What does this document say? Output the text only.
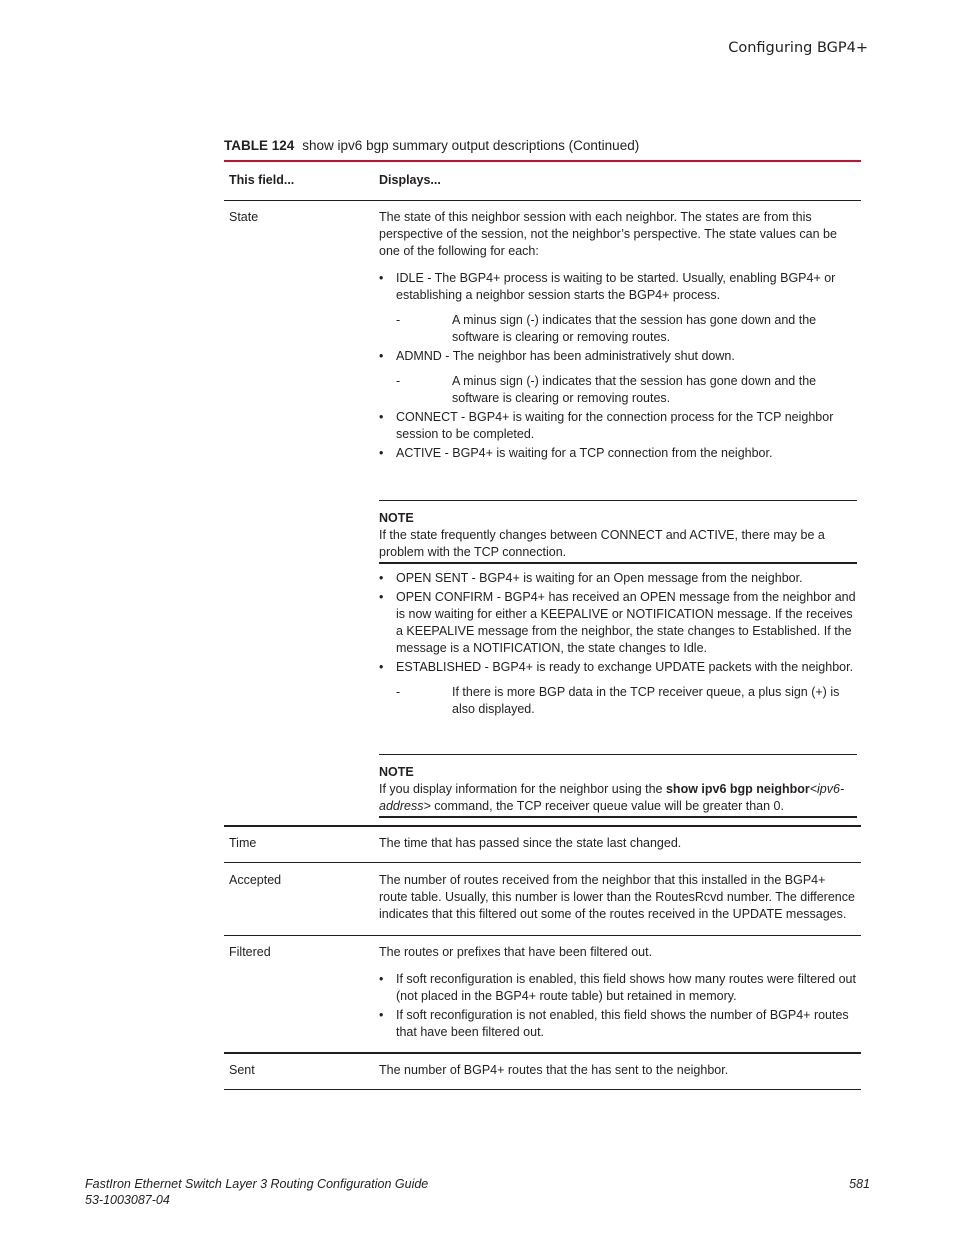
Configuring BGP4+
TABLE 124 show ipv6 bgp summary output descriptions (Continued)
This field...	Displays...
State	The state of this neighbor session with each neighbor. The states are from this perspective of the session, not the neighbor’s perspective. The state values can be one of the following for each:

• IDLE - The BGP4+ process is waiting to be started. Usually, enabling BGP4+ or establishing a neighbor session starts the BGP4+ process.
-	A minus sign (-) indicates that the session has gone down and the software is clearing or removing routes.
• ADMND - The neighbor has been administratively shut down.
-	A minus sign (-) indicates that the session has gone down and the software is clearing or removing routes.
• CONNECT - BGP4+ is waiting for the connection process for the TCP neighbor session to be completed.
• ACTIVE - BGP4+ is waiting for a TCP connection from the neighbor.
NOTE
If the state frequently changes between CONNECT and ACTIVE, there may be a problem with the TCP connection.
• OPEN SENT - BGP4+ is waiting for an Open message from the neighbor.
• OPEN CONFIRM - BGP4+ has received an OPEN message from the neighbor and is now waiting for either a KEEPALIVE or NOTIFICATION message. If the receives a KEEPALIVE message from the neighbor, the state changes to Established. If the message is a NOTIFICATION, the state changes to Idle.
• ESTABLISHED - BGP4+ is ready to exchange UPDATE packets with the neighbor.
-	If there is more BGP data in the TCP receiver queue, a plus sign (+) is also displayed.
NOTE
If you display information for the neighbor using the show ipv6 bgp neighbor<ipv6-address> command, the TCP receiver queue value will be greater than 0.
Time	The time that has passed since the state last changed.
Accepted	The number of routes received from the neighbor that this installed in the BGP4+ route table. Usually, this number is lower than the RoutesRcvd number. The difference indicates that this filtered out some of the routes received in the UPDATE messages.
Filtered	The routes or prefixes that have been filtered out.

• If soft reconfiguration is enabled, this field shows how many routes were filtered out (not placed in the BGP4+ route table) but retained in memory.
• If soft reconfiguration is not enabled, this field shows the number of BGP4+ routes that have been filtered out.
Sent	The number of BGP4+ routes that the has sent to the neighbor.
FastIron Ethernet Switch Layer 3 Routing Configuration Guide
53-1003087-04
581
